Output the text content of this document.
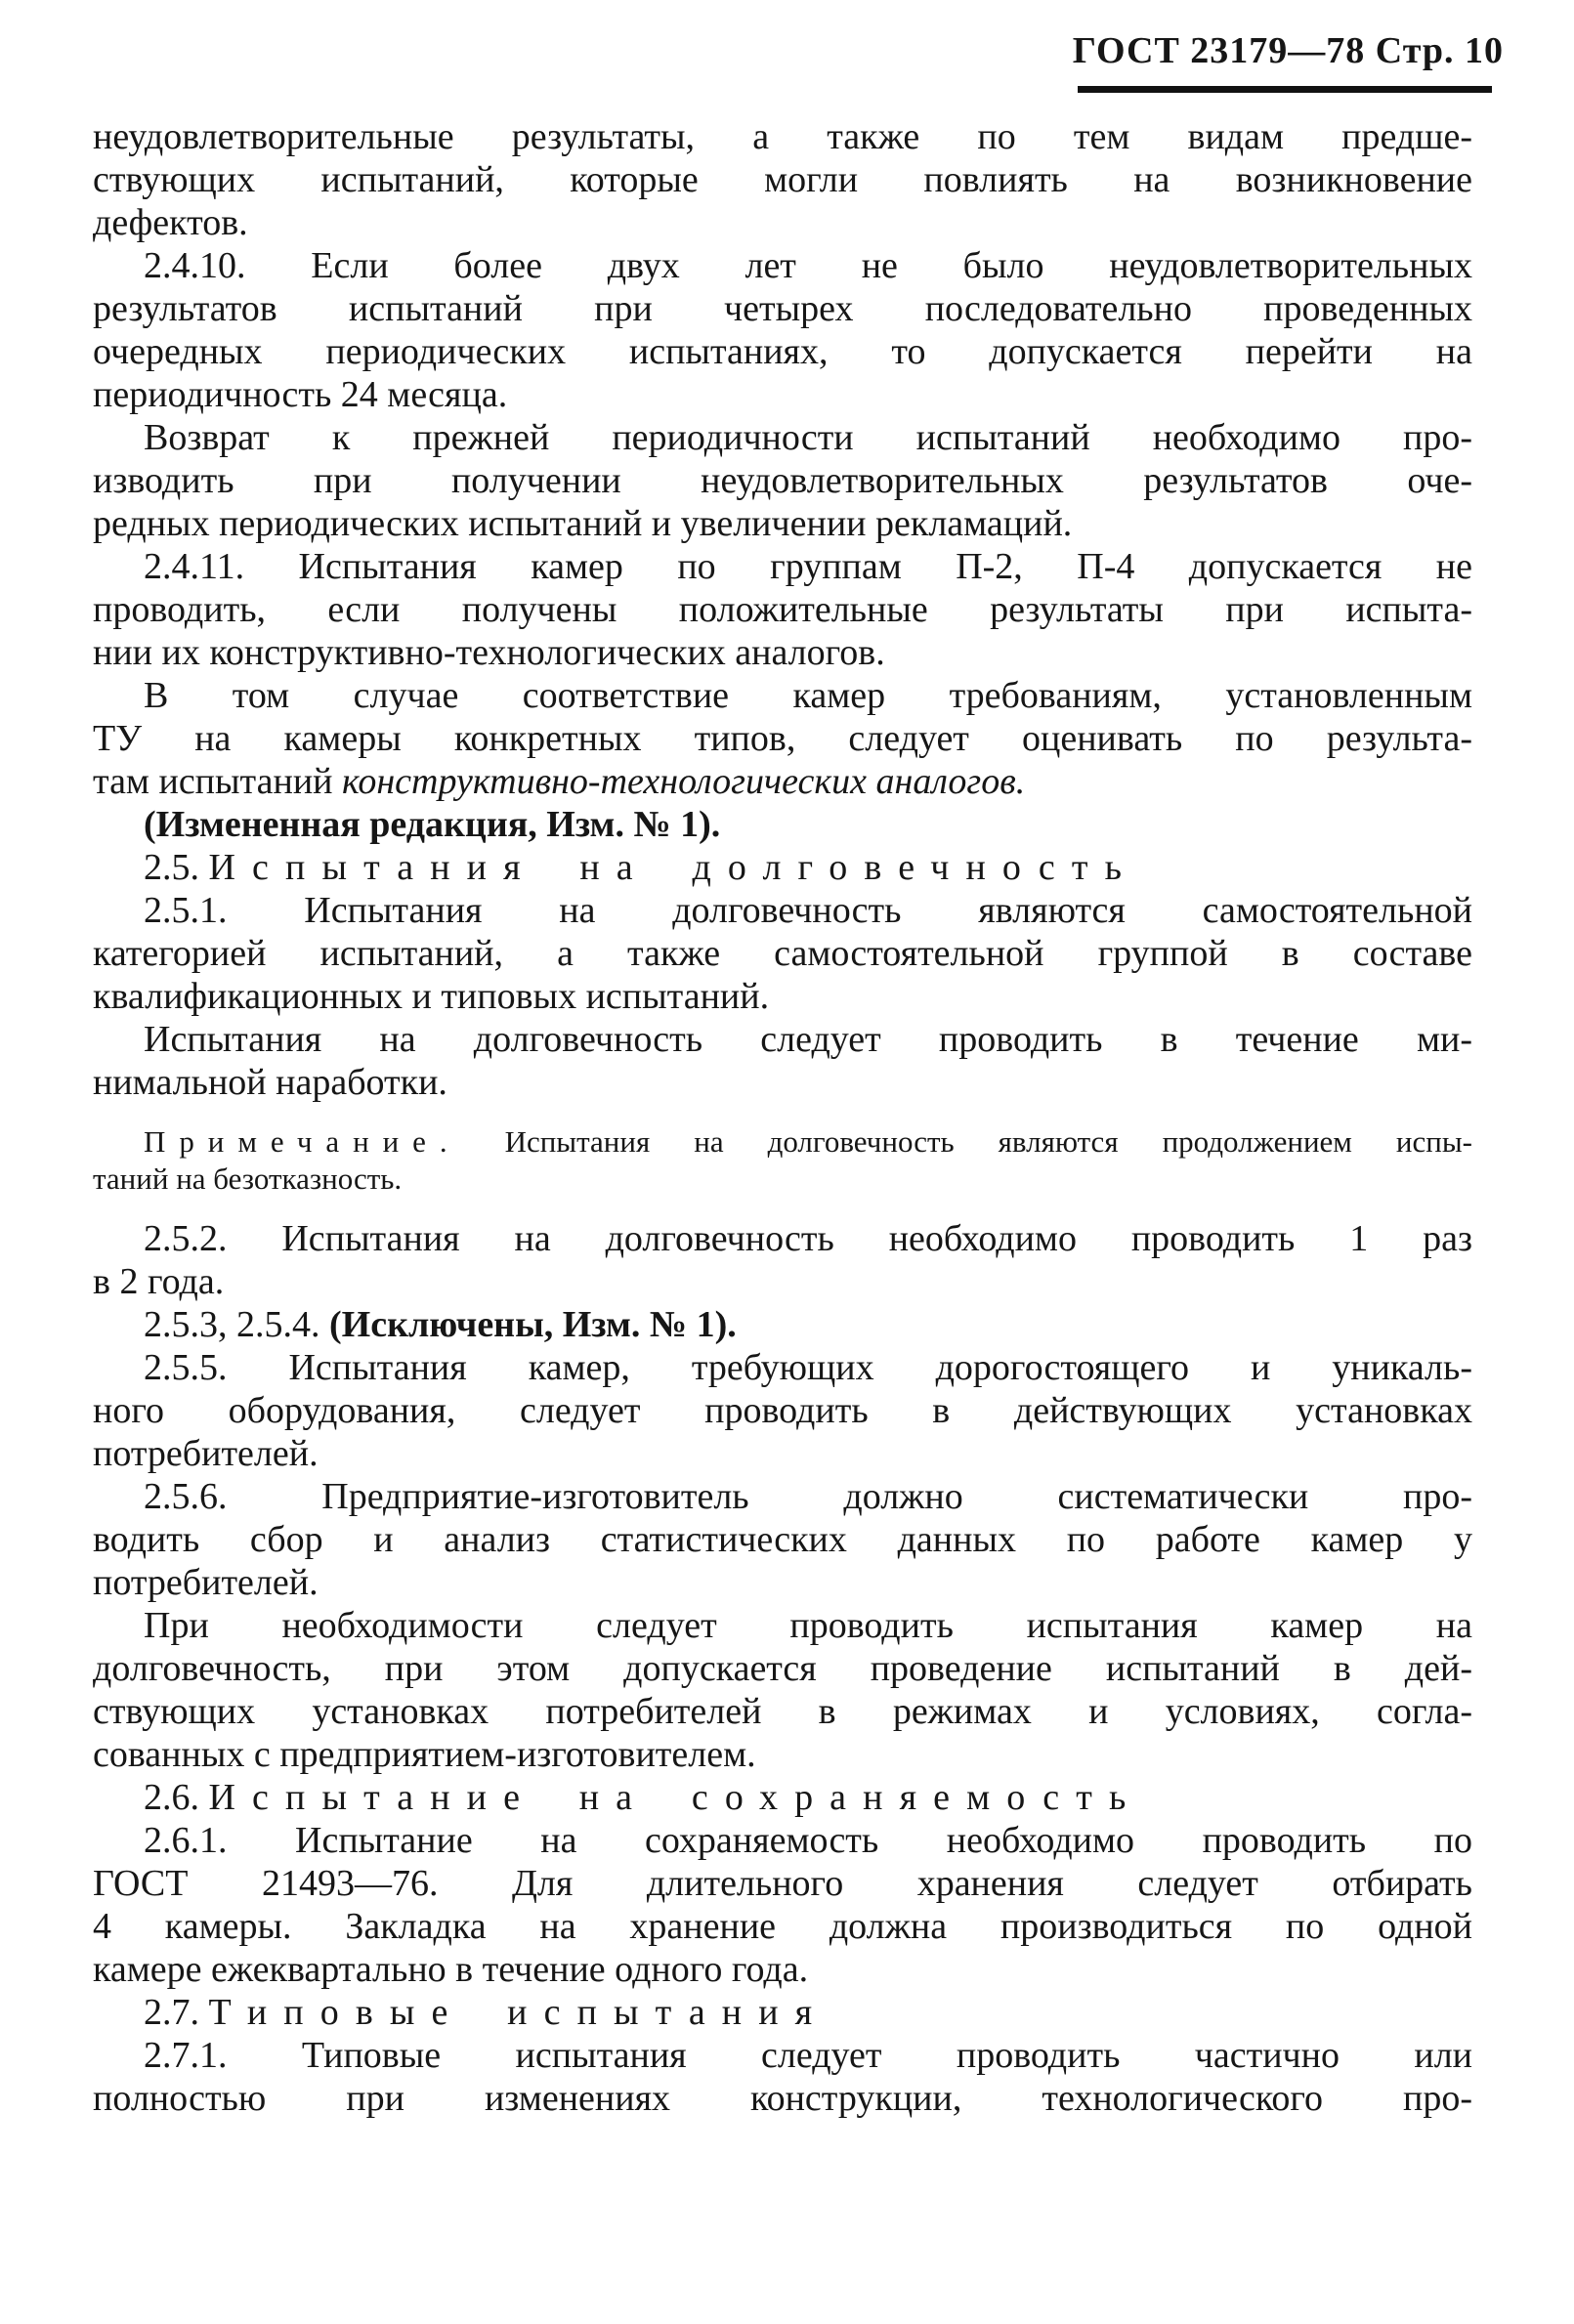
ГОСТ 23179—78 Стр. 10
неудовлетворительные результаты, а также по тем видам предше-
ствующих испытаний, которые могли повлиять на возникновение
дефектов.
2.4.10. Если более двух лет не было неудовлетворительных
результатов испытаний при четырех последовательно проведенных
очередных периодических испытаниях, то допускается перейти на
периодичность 24 месяца.
Возврат к прежней периодичности испытаний необходимо про-
изводить при получении неудовлетворительных результатов оче-
редных периодических испытаний и увеличении рекламаций.
2.4.11. Испытания камер по группам П-2, П-4 допускается не
проводить, если получены положительные результаты при испыта-
нии их конструктивно-технологических аналогов.
В том случае соответствие камер требованиям, установленным
ТУ на камеры конкретных типов, следует оценивать по результа-
там испытаний конструктивно-технологических аналогов.
(Измененная редакция, Изм. № 1).
2.5. Испытания на долговечность
2.5.1. Испытания на долговечность являются самостоятельной
категорией испытаний, а также самостоятельной группой в составе
квалификационных и типовых испытаний.
Испытания на долговечность следует проводить в течение ми-
нимальной наработки.
Примечание. Испытания на долговечность являются продолжением испы-
таний на безотказность.
2.5.2. Испытания на долговечность необходимо проводить 1 раз
в 2 года.
2.5.3, 2.5.4. (Исключены, Изм. № 1).
2.5.5. Испытания камер, требующих дорогостоящего и уникаль-
ного оборудования, следует проводить в действующих установках
потребителей.
2.5.6. Предприятие-изготовитель должно систематически про-
водить сбор и анализ статистических данных по работе камер у
потребителей.
При необходимости следует проводить испытания камер на
долговечность, при этом допускается проведение испытаний в дей-
ствующих установках потребителей в режимах и условиях, согла-
сованных с предприятием-изготовителем.
2.6. Испытание на сохраняемость
2.6.1. Испытание на сохраняемость необходимо проводить по
ГОСТ 21493—76. Для длительного хранения следует отбирать
4 камеры. Закладка на хранение должна производиться по одной
камере ежеквартально в течение одного года.
2.7. Типовые испытания
2.7.1. Типовые испытания следует проводить частично или
полностью при изменениях конструкции, технологического про-
